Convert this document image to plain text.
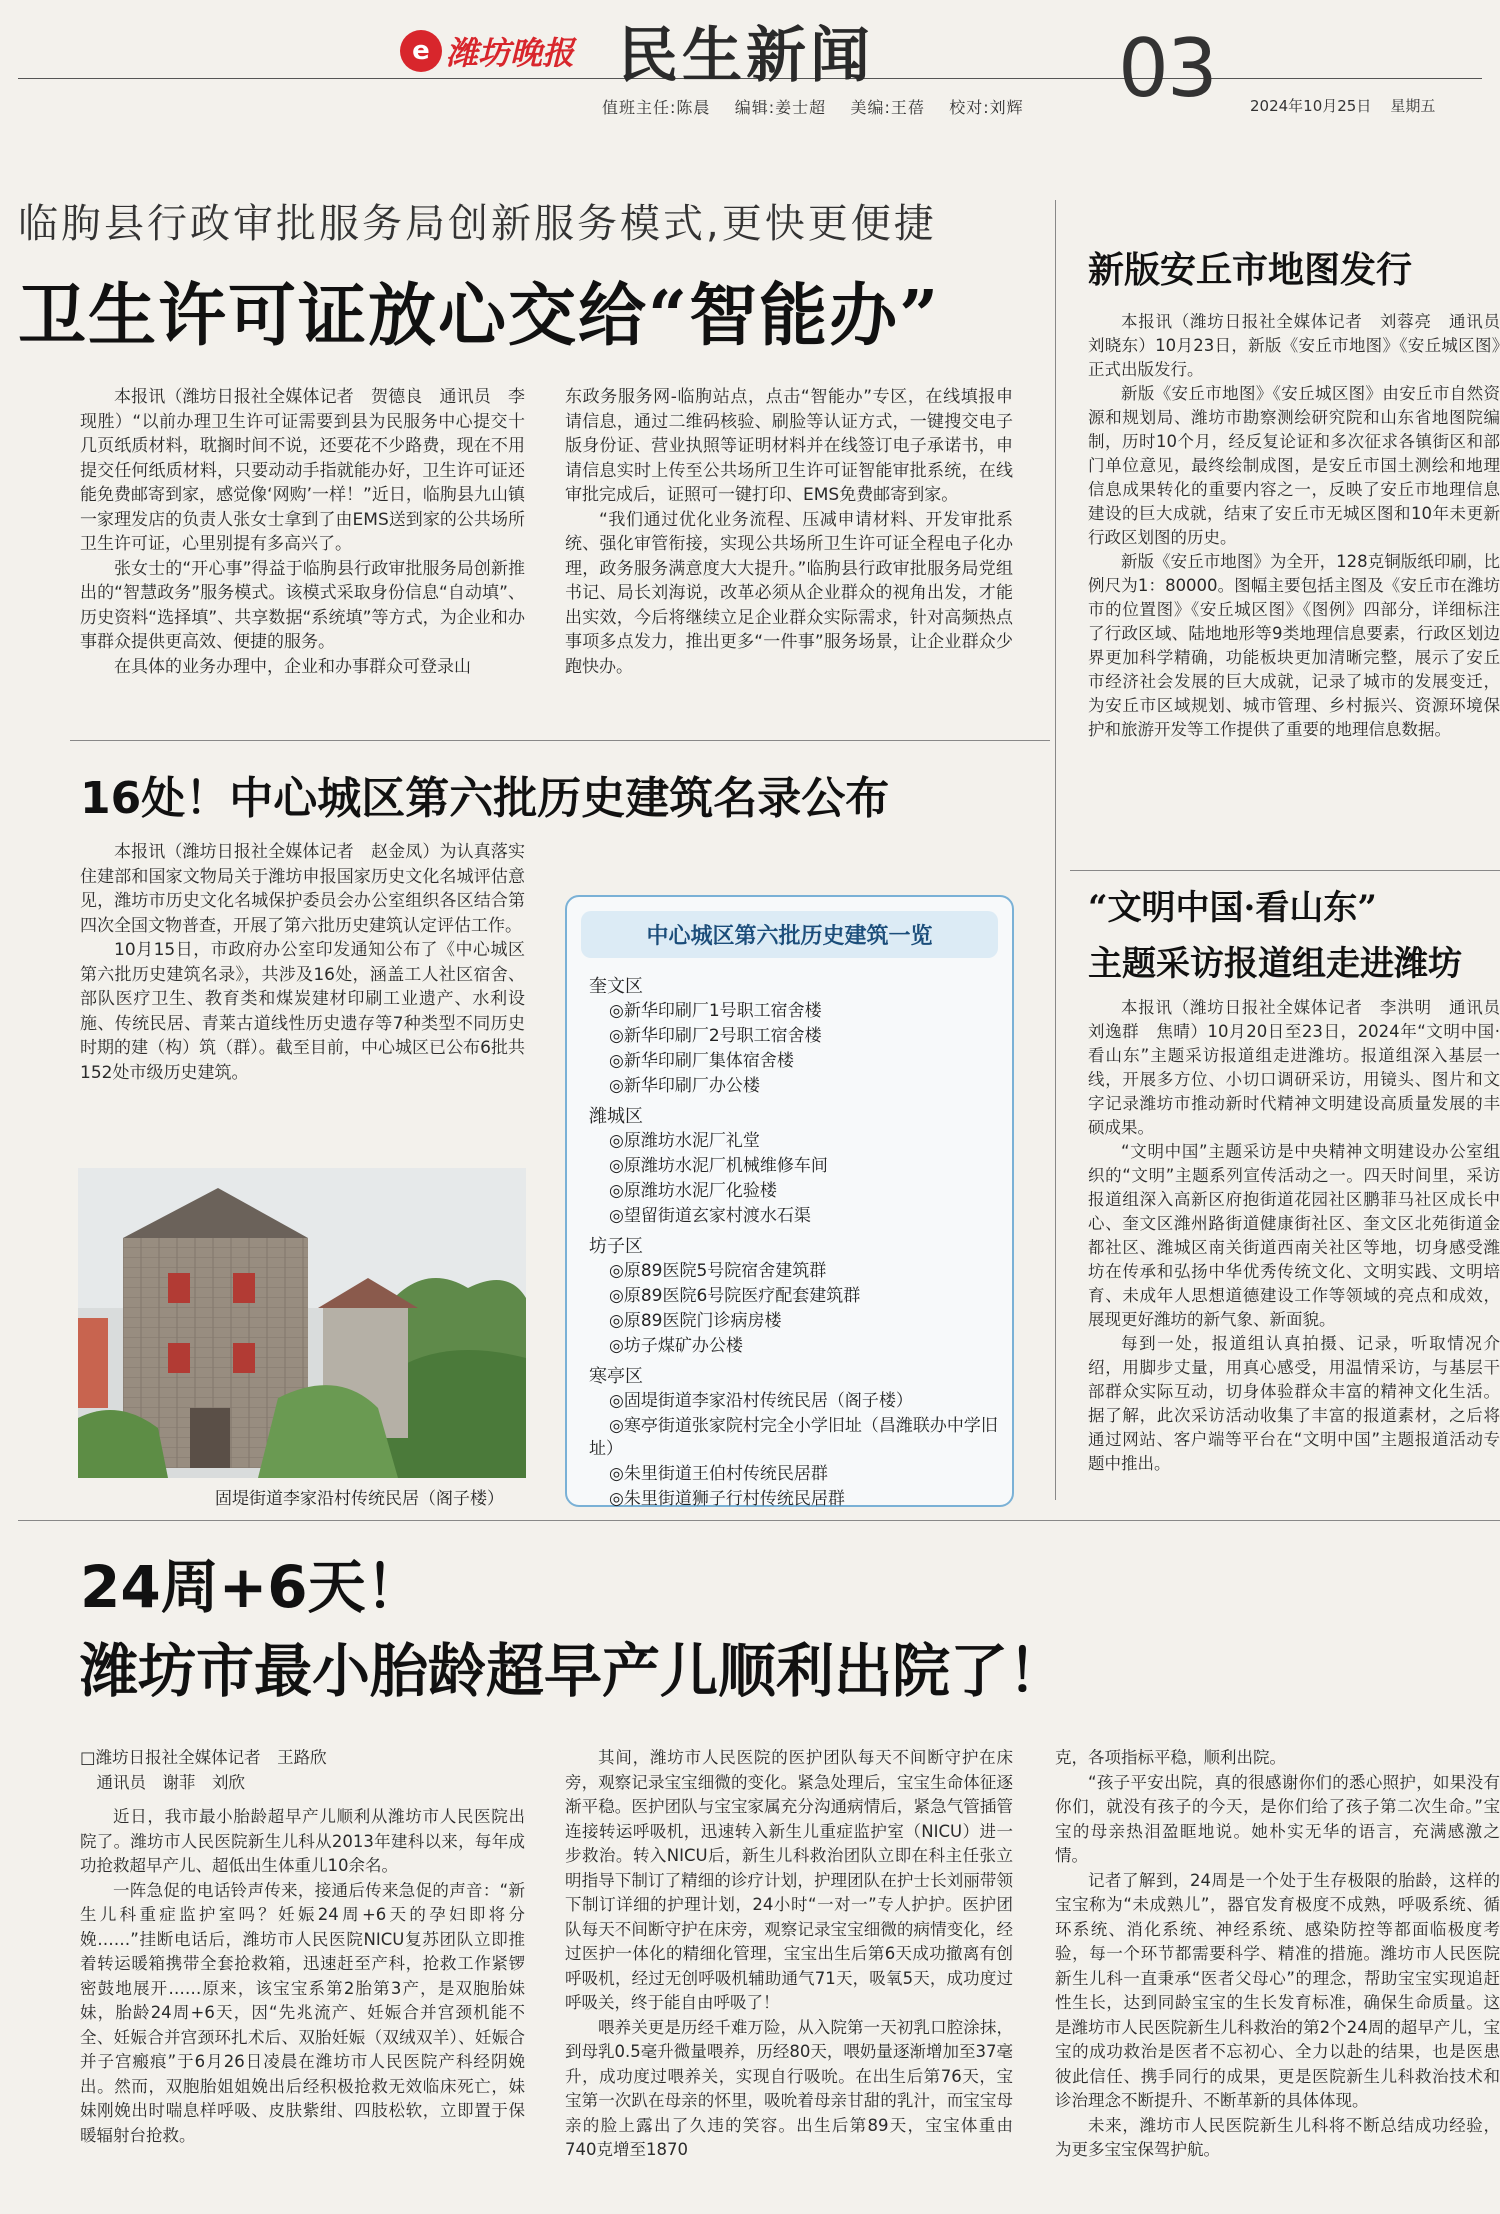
e 潍坊晚报 民生新闻	03
值班主任:陈晨    编辑:姜士超    美编:王蓓    校对:刘辉	2024年10月25日    星期五
临朐县行政审批服务局创新服务模式,更快更便捷
卫生许可证放心交给“智能办”

本报讯（潍坊日报社全媒体记者　贺德良　通讯员　李现胜）“以前办理卫生许可证需要到县为民服务中心提交十几页纸质材料，耽搁时间不说，还要花不少路费，现在不用提交任何纸质材料，只要动动手指就能办好，卫生许可证还能免费邮寄到家，感觉像‘网购’一样！”近日，临朐县九山镇一家理发店的负责人张女士拿到了由EMS送到家的公共场所卫生许可证，心里别提有多高兴了。

张女士的“开心事”得益于临朐县行政审批服务局创新推出的“智慧政务”服务模式。该模式采取身份信息“自动填”、历史资料“选择填”、共享数据“系统填”等方式，为企业和办事群众提供更高效、便捷的服务。

在具体的业务办理中，企业和办事群众可登录山

东政务服务网-临朐站点，点击“智能办”专区，在线填报申请信息，通过二维码核验、刷脸等认证方式，一键搜交电子版身份证、营业执照等证明材料并在线签订电子承诺书，申请信息实时上传至公共场所卫生许可证智能审批系统，在线审批完成后，证照可一键打印、EMS免费邮寄到家。

“我们通过优化业务流程、压减申请材料、开发审批系统、强化审管衔接，实现公共场所卫生许可证全程电子化办理，政务服务满意度大大提升。”临朐县行政审批服务局党组书记、局长刘海说，改革必须从企业群众的视角出发，才能出实效，今后将继续立足企业群众实际需求，针对高频热点事项多点发力，推出更多“一件事”服务场景，让企业群众少跑快办。

新版安丘市地图发行

本报讯（潍坊日报社全媒体记者　刘蓉亮　通讯员　刘晓东）10月23日，新版《安丘市地图》《安丘城区图》正式出版发行。

新版《安丘市地图》《安丘城区图》由安丘市自然资源和规划局、潍坊市勘察测绘研究院和山东省地图院编制，历时10个月，经反复论证和多次征求各镇街区和部门单位意见，最终绘制成图，是安丘市国土测绘和地理信息成果转化的重要内容之一，反映了安丘市地理信息建设的巨大成就，结束了安丘市无城区图和10年未更新行政区划图的历史。

新版《安丘市地图》为全开，128克铜版纸印刷，比例尺为1：80000。图幅主要包括主图及《安丘市在潍坊市的位置图》《安丘城区图》《图例》四部分，详细标注了行政区域、陆地地形等9类地理信息要素，行政区划边界更加科学精确，功能板块更加清晰完整，展示了安丘市经济社会发展的巨大成就，记录了城市的发展变迁，为安丘市区域规划、城市管理、乡村振兴、资源环境保护和旅游开发等工作提供了重要的地理信息数据。

16处！中心城区第六批历史建筑名录公布

本报讯（潍坊日报社全媒体记者　赵金凤）为认真落实住建部和国家文物局关于潍坊申报国家历史文化名城评估意见，潍坊市历史文化名城保护委员会办公室组织各区结合第四次全国文物普查，开展了第六批历史建筑认定评估工作。

10月15日，市政府办公室印发通知公布了《中心城区第六批历史建筑名录》，共涉及16处，涵盖工人社区宿舍、部队医疗卫生、教育类和煤炭建材印刷工业遗产、水利设施、传统民居、青莱古道线性历史遗存等7种类型不同历史时期的建（构）筑（群）。截至目前，中心城区已公布6批共152处市级历史建筑。

固堤街道李家沿村传统民居（阁子楼）
中心城区第六批历史建筑一览
奎文区
◎新华印刷厂1号职工宿舍楼
◎新华印刷厂2号职工宿舍楼
◎新华印刷厂集体宿舍楼
◎新华印刷厂办公楼
潍城区
◎原潍坊水泥厂礼堂
◎原潍坊水泥厂机械维修车间
◎原潍坊水泥厂化验楼
◎望留街道玄家村渡水石渠
坊子区
◎原89医院5号院宿舍建筑群
◎原89医院6号院医疗配套建筑群
◎原89医院门诊病房楼
◎坊子煤矿办公楼
寒亭区
◎固堤街道李家沿村传统民居（阁子楼）
◎寒亭街道张家院村完全小学旧址（昌潍联办中学旧址）
◎朱里街道王伯村传统民居群
◎朱里街道狮子行村传统民居群
“文明中国·看山东”
主题采访报道组走进潍坊

本报讯（潍坊日报社全媒体记者　李洪明　通讯员　刘逸群　焦晴）10月20日至23日，2024年“文明中国·看山东”主题采访报道组走进潍坊。报道组深入基层一线，开展多方位、小切口调研采访，用镜头、图片和文字记录潍坊市推动新时代精神文明建设高质量发展的丰硕成果。

“文明中国”主题采访是中央精神文明建设办公室组织的“文明”主题系列宣传活动之一。四天时间里，采访报道组深入高新区府抱街道花园社区鹏菲马社区成长中心、奎文区潍州路街道健康街社区、奎文区北苑街道金都社区、潍城区南关街道西南关社区等地，切身感受潍坊在传承和弘扬中华优秀传统文化、文明实践、文明培育、未成年人思想道德建设工作等领域的亮点和成效，展现更好潍坊的新气象、新面貌。

每到一处，报道组认真拍摄、记录，听取情况介绍，用脚步丈量，用真心感受，用温情采访，与基层干部群众实际互动，切身体验群众丰富的精神文化生活。据了解，此次采访活动收集了丰富的报道素材，之后将通过网站、客户端等平台在“文明中国”主题报道活动专题中推出。

24周+6天！
潍坊市最小胎龄超早产儿顺利出院了！

□潍坊日报社全媒体记者　王路欣

　通讯员　谢菲　刘欣

近日，我市最小胎龄超早产儿顺利从潍坊市人民医院出院了。潍坊市人民医院新生儿科从2013年建科以来，每年成功抢救超早产儿、超低出生体重儿10余名。

一阵急促的电话铃声传来，接通后传来急促的声音：“新生儿科重症监护室吗？妊娠24周+6天的孕妇即将分娩……”挂断电话后，潍坊市人民医院NICU复苏团队立即推着转运暖箱携带全套抢救箱，迅速赶至产科，抢救工作紧锣密鼓地展开……原来，该宝宝系第2胎第3产，是双胞胎妹妹，胎龄24周+6天，因“先兆流产、妊娠合并宫颈机能不全、妊娠合并宫颈环扎术后、双胎妊娠（双绒双羊）、妊娠合并子宫瘢痕”于6月26日凌晨在潍坊市人民医院产科经阴娩出。然而，双胞胎姐姐娩出后经积极抢救无效临床死亡，妹妹刚娩出时喘息样呼吸、皮肤紫绀、四肢松软，立即置于保暖辐射台抢救。

其间，潍坊市人民医院的医护团队每天不间断守护在床旁，观察记录宝宝细微的变化。紧急处理后，宝宝生命体征逐渐平稳。医护团队与宝宝家属充分沟通病情后，紧急气管插管连接转运呼吸机，迅速转入新生儿重症监护室（NICU）进一步救治。转入NICU后，新生儿科救治团队立即在科主任张立明指导下制订了精细的诊疗计划，护理团队在护士长刘丽带领下制订详细的护理计划，24小时“一对一”专人护护。医护团队每天不间断守护在床旁，观察记录宝宝细微的病情变化，经过医护一体化的精细化管理，宝宝出生后第6天成功撤离有创呼吸机，经过无创呼吸机辅助通气71天，吸氧5天，成功度过呼吸关，终于能自由呼吸了！

喂养关更是历经千难万险，从入院第一天初乳口腔涂抹，到母乳0.5毫升微量喂养，历经80天，喂奶量逐渐增加至37毫升，成功度过喂养关，实现自行吸吮。在出生后第76天，宝宝第一次趴在母亲的怀里，吸吮着母亲甘甜的乳汁，而宝宝母亲的脸上露出了久违的笑容。出生后第89天，宝宝体重由740克增至1870

克，各项指标平稳，顺利出院。

“孩子平安出院，真的很感谢你们的悉心照护，如果没有你们，就没有孩子的今天，是你们给了孩子第二次生命。”宝宝的母亲热泪盈眶地说。她朴实无华的语言，充满感激之情。

记者了解到，24周是一个处于生存极限的胎龄，这样的宝宝称为“未成熟儿”，器官发育极度不成熟，呼吸系统、循环系统、消化系统、神经系统、感染防控等都面临极度考验，每一个环节都需要科学、精准的措施。潍坊市人民医院新生儿科一直秉承“医者父母心”的理念，帮助宝宝实现追赶性生长，达到同龄宝宝的生长发育标准，确保生命质量。这是潍坊市人民医院新生儿科救治的第2个24周的超早产儿，宝宝的成功救治是医者不忘初心、全力以赴的结果，也是医患彼此信任、携手同行的成果，更是医院新生儿科救治技术和诊治理念不断提升、不断革新的具体体现。

未来，潍坊市人民医院新生儿科将不断总结成功经验，为更多宝宝保驾护航。
